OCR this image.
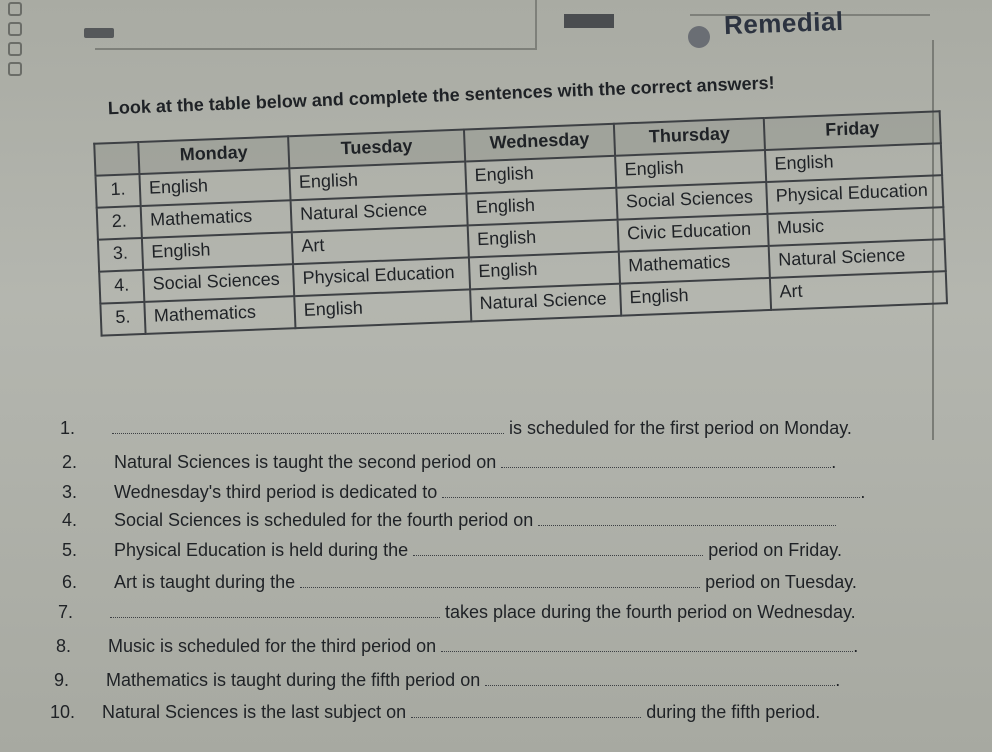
Remedial
Look at the table below and complete the sentences with the correct answers!
	Monday	Tuesday	Wednesday	Thursday	Friday
1.	English	English	English	English	English
2.	Mathematics	Natural Science	English	Social Sciences	Physical Education
3.	English	Art	English	Civic Education	Music
4.	Social Sciences	Physical Education	English	Mathematics	Natural Science
5.	Mathematics	English	Natural Science	English	Art
1.	is scheduled for the first period on Monday.
2. Natural Sciences is taught the second period on	.
3. Wednesday's third period is dedicated to	.
4. Social Sciences is scheduled for the fourth period on
5. Physical Education is held during the	period on Friday.
6. Art is taught during the	period on Tuesday.
7.	takes place during the fourth period on Wednesday.
8. Music is scheduled for the third period on	.
9. Mathematics is taught during the fifth period on	.
10. Natural Sciences is the last subject on	during the fifth period.
